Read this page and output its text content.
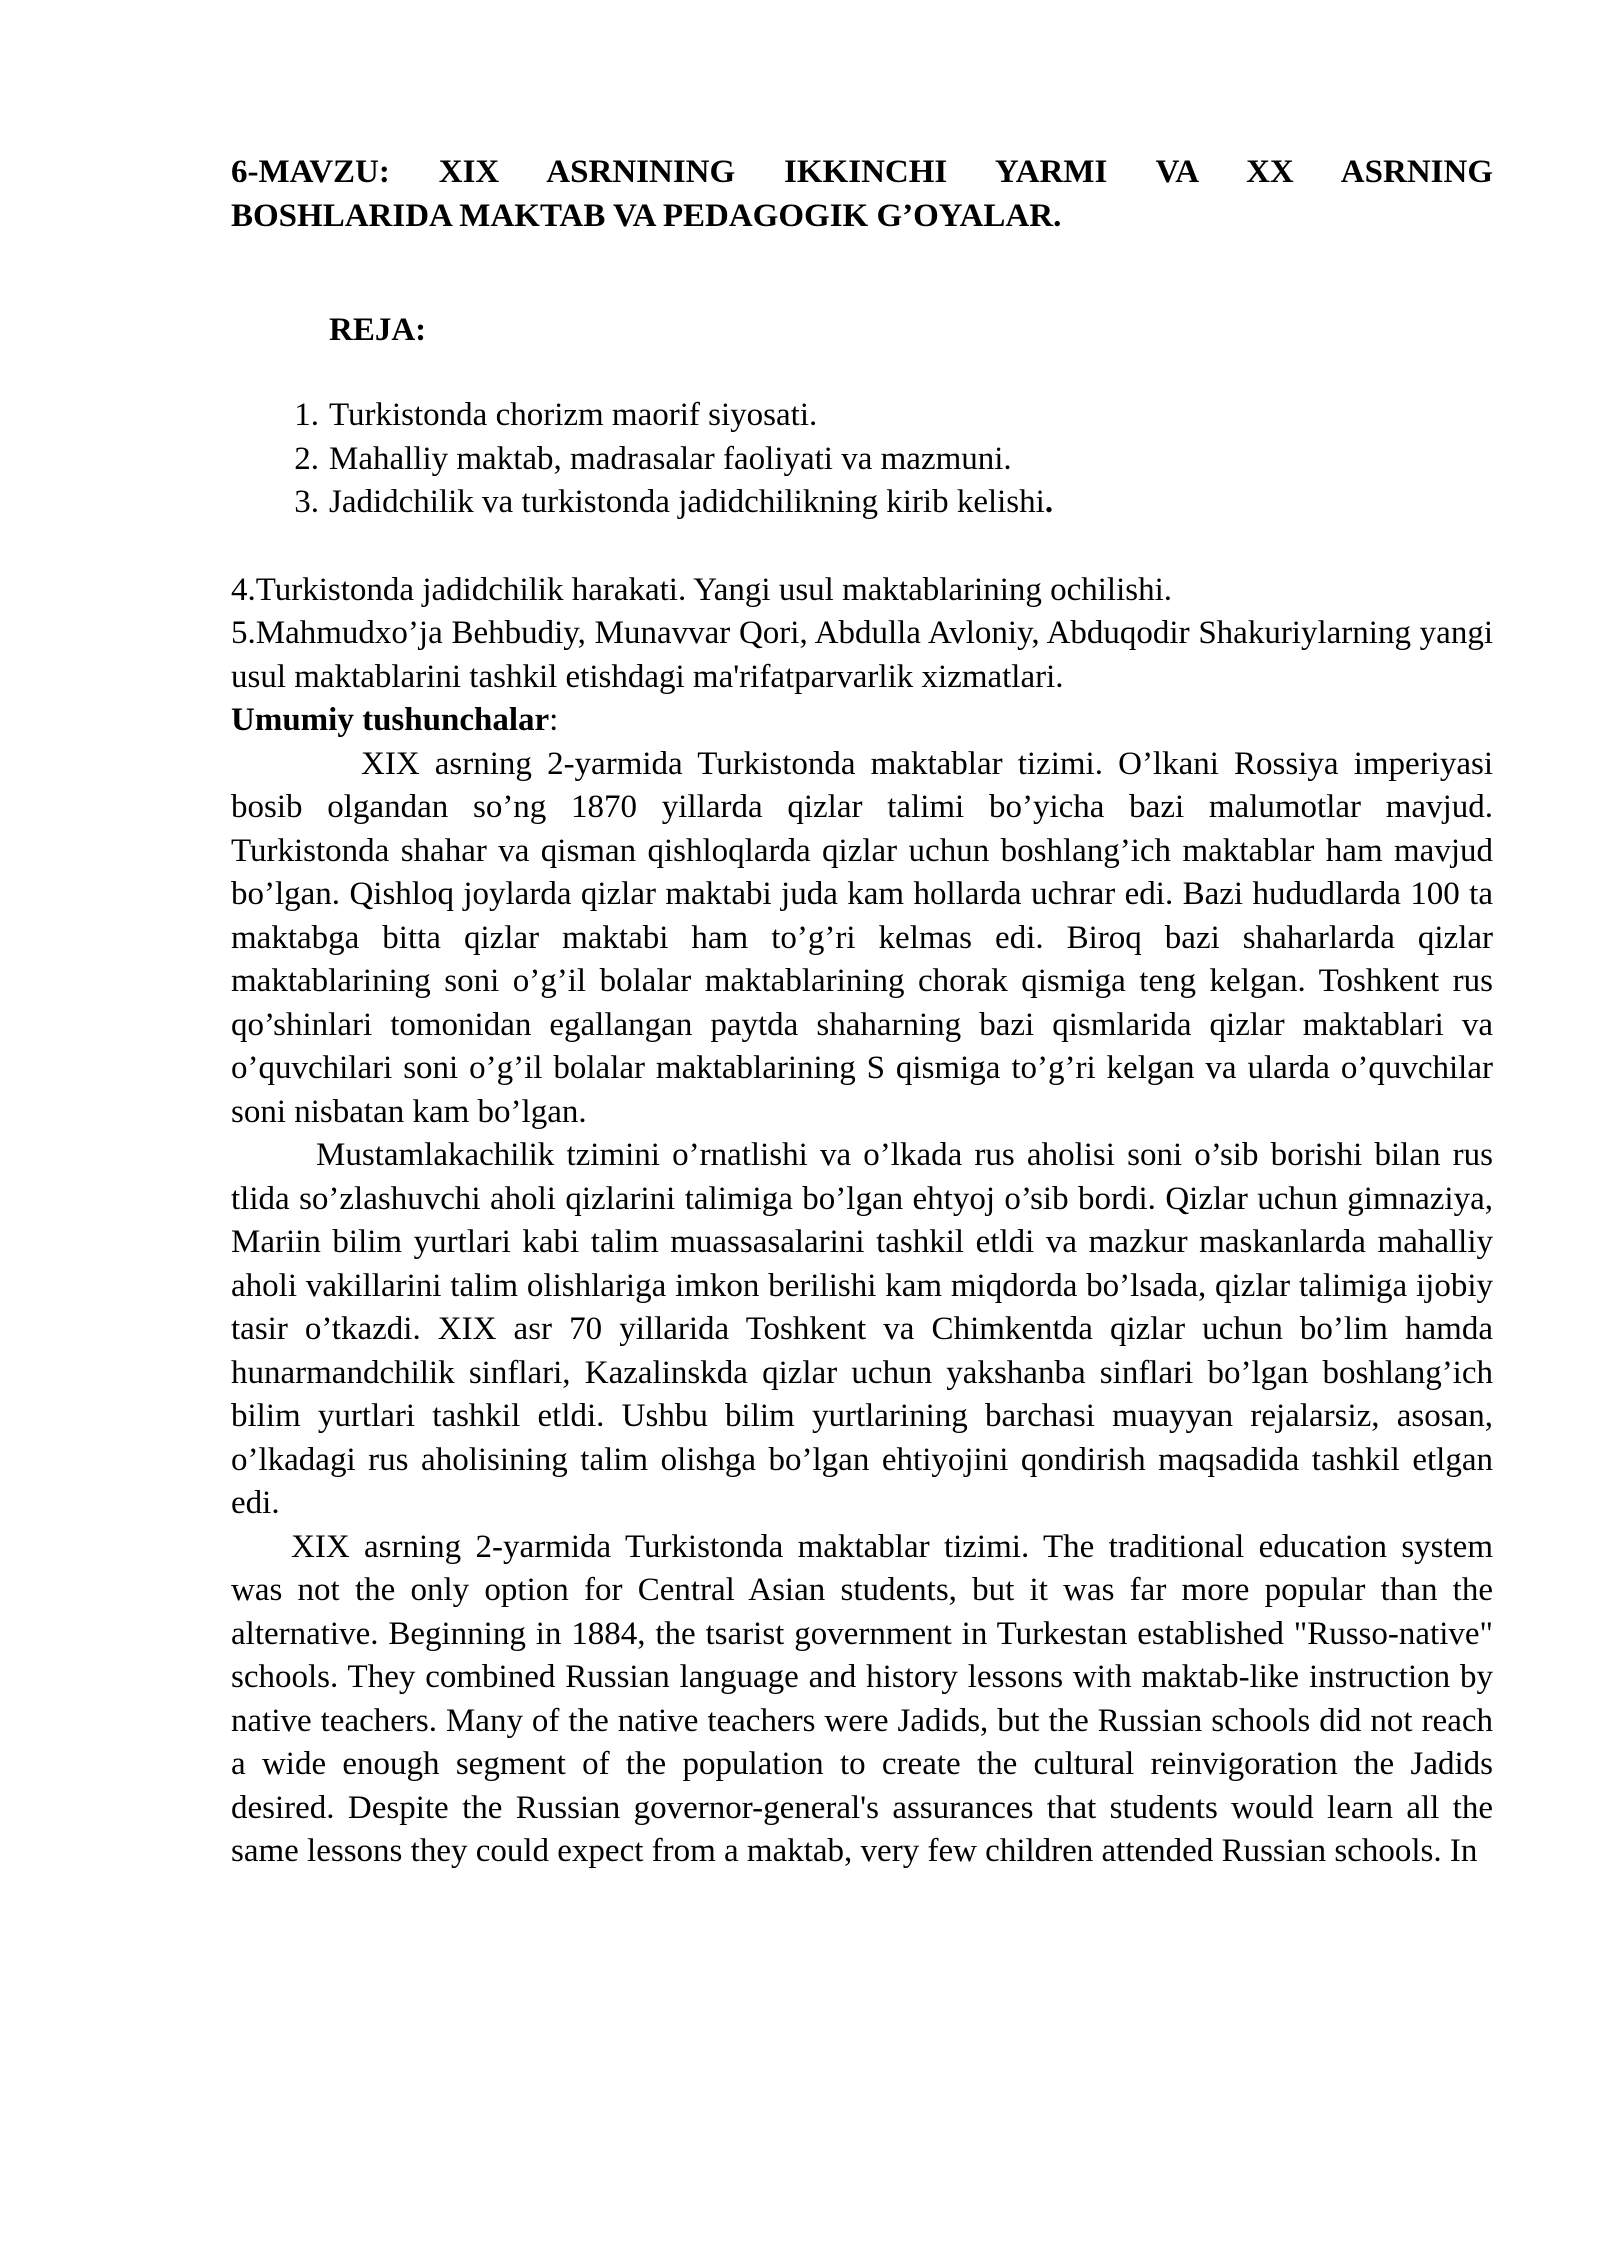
6-MAVZU: XIX ASRNINING IKKINCHI YARMI VA XX ASRNING
BOSHLARIDA MAKTAB VA PEDAGOGIK G’OYALAR.
REJA:
1. Turkistonda chorizm maorif siyosati.
2. Mahalliy maktab, madrasalar faoliyati va mazmuni.
3. Jadidchilik va turkistonda jadidchilikning kirib kelishi.

4.Turkistonda jadidchilik harakati. Yangi usul maktablarining ochilishi.

5.Mahmudxo’ja Behbudiy, Munavvar Qori, Abdulla Avloniy, Abduqodir Shakuriylarning yangi usul maktablarini tashkil etishdagi ma'rifatparvarlik xizmatlari.

Umumiy tushunchalar:

XIX asrning 2-yarmida Turkistonda maktablar tizimi. O’lkani Rossiya imperiyasi bosib olgandan so’ng 1870 yillarda qizlar talimi bo’yicha bazi malumotlar mavjud. Turkistonda shahar va qisman qishloqlarda qizlar uchun boshlang’ich maktablar ham mavjud bo’lgan. Qishloq joylarda qizlar maktabi juda kam hollarda uchrar edi. Bazi hududlarda 100 ta maktabga bitta qizlar maktabi ham to’g’ri kelmas edi. Biroq bazi shaharlarda qizlar maktablarining soni o’g’il bolalar maktablarining chorak qismiga teng kelgan. Toshkent rus qo’shinlari tomonidan egallangan paytda shaharning bazi qismlarida qizlar maktablari va o’quvchilari soni o’g’il bolalar maktablarining S qismiga to’g’ri kelgan va ularda o’quvchilar soni nisbatan kam bo’lgan.

Mustamlakachilik tzimini o’rnatlishi va o’lkada rus aholisi soni o’sib borishi bilan rus tlida so’zlashuvchi aholi qizlarini talimiga bo’lgan ehtyoj o’sib bordi. Qizlar uchun gimnaziya, Mariin bilim yurtlari kabi talim muassasalarini tashkil etldi va mazkur maskanlarda mahalliy aholi vakillarini talim olishlariga imkon berilishi kam miqdorda bo’lsada, qizlar talimiga ijobiy tasir o’tkazdi. XIX asr 70 yillarida Toshkent va Chimkentda qizlar uchun bo’lim hamda hunarmandchilik sinflari, Kazalinskda qizlar uchun yakshanba sinflari bo’lgan boshlang’ich bilim yurtlari tashkil etldi. Ushbu bilim yurtlarining barchasi muayyan rejalarsiz, asosan, o’lkadagi rus aholisining talim olishga bo’lgan ehtiyojini qondirish maqsadida tashkil etlgan edi.

XIX asrning 2-yarmida Turkistonda maktablar tizimi. The traditional education system was not the only option for Central Asian students, but it was far more popular than the alternative. Beginning in 1884, the tsarist government in Turkestan established "Russo-native" schools. They combined Russian language and history lessons with maktab-like instruction by native teachers. Many of the native teachers were Jadids, but the Russian schools did not reach a wide enough segment of the population to create the cultural reinvigoration the Jadids desired. Despite the Russian governor-general's assurances that students would learn all the same lessons they could expect from a maktab, very few children attended Russian schools. In
